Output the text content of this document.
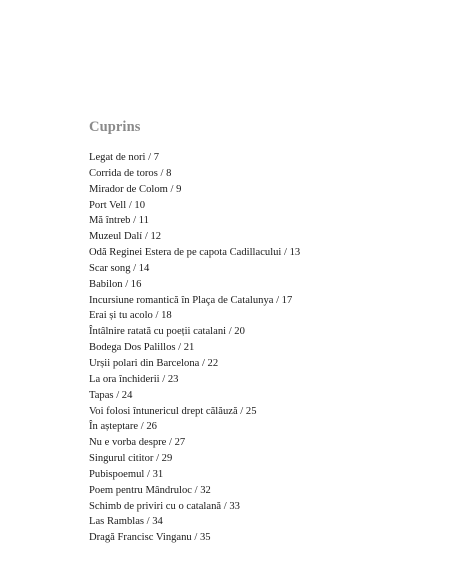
Cuprins
Legat de nori / 7
Corrida de toros / 8
Mirador de Colom / 9
Port Vell / 10
Mă întreb / 11
Muzeul Dalí / 12
Odă Reginei Estera de pe capota Cadillacului / 13
Scar song / 14
Babilon / 16
Incursiune romantică în Plaça de Catalunya / 17
Erai și tu acolo / 18
Întâlnire ratată cu poeții catalani / 20
Bodega Dos Palillos / 21
Urșii polari din Barcelona / 22
La ora închiderii / 23
Tapas / 24
Voi folosi întunericul drept călăuză / 25
În așteptare / 26
Nu e vorba despre / 27
Singurul cititor / 29
Pubispoemul / 31
Poem pentru Mândruloc / 32
Schimb de priviri cu o catalană / 33
Las Ramblas / 34
Dragă Francisc Vinganu / 35
